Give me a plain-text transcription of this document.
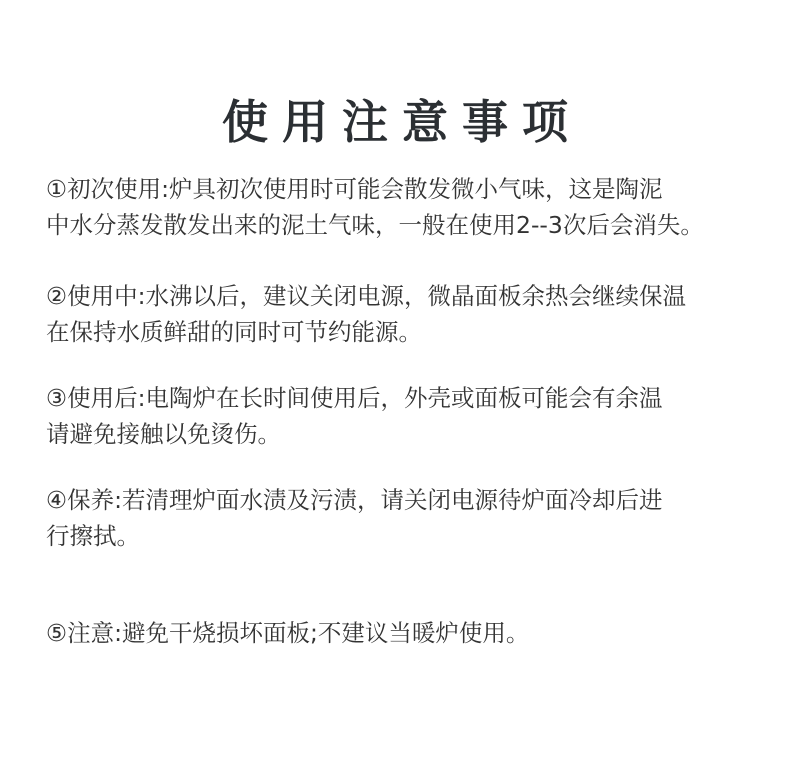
使用注意事项
①初次使用:炉具初次使用时可能会散发微小气味，这是陶泥
中水分蒸发散发出来的泥土气味，一般在使用2--3次后会消失。
②使用中:水沸以后，建议关闭电源，微晶面板余热会继续保温
在保持水质鲜甜的同时可节约能源。
③使用后:电陶炉在长时间使用后，外壳或面板可能会有余温
请避免接触以免烫伤。
④保养:若清理炉面水渍及污渍，请关闭电源待炉面冷却后进
行擦拭。
⑤注意:避免干烧损坏面板;不建议当暖炉使用。
